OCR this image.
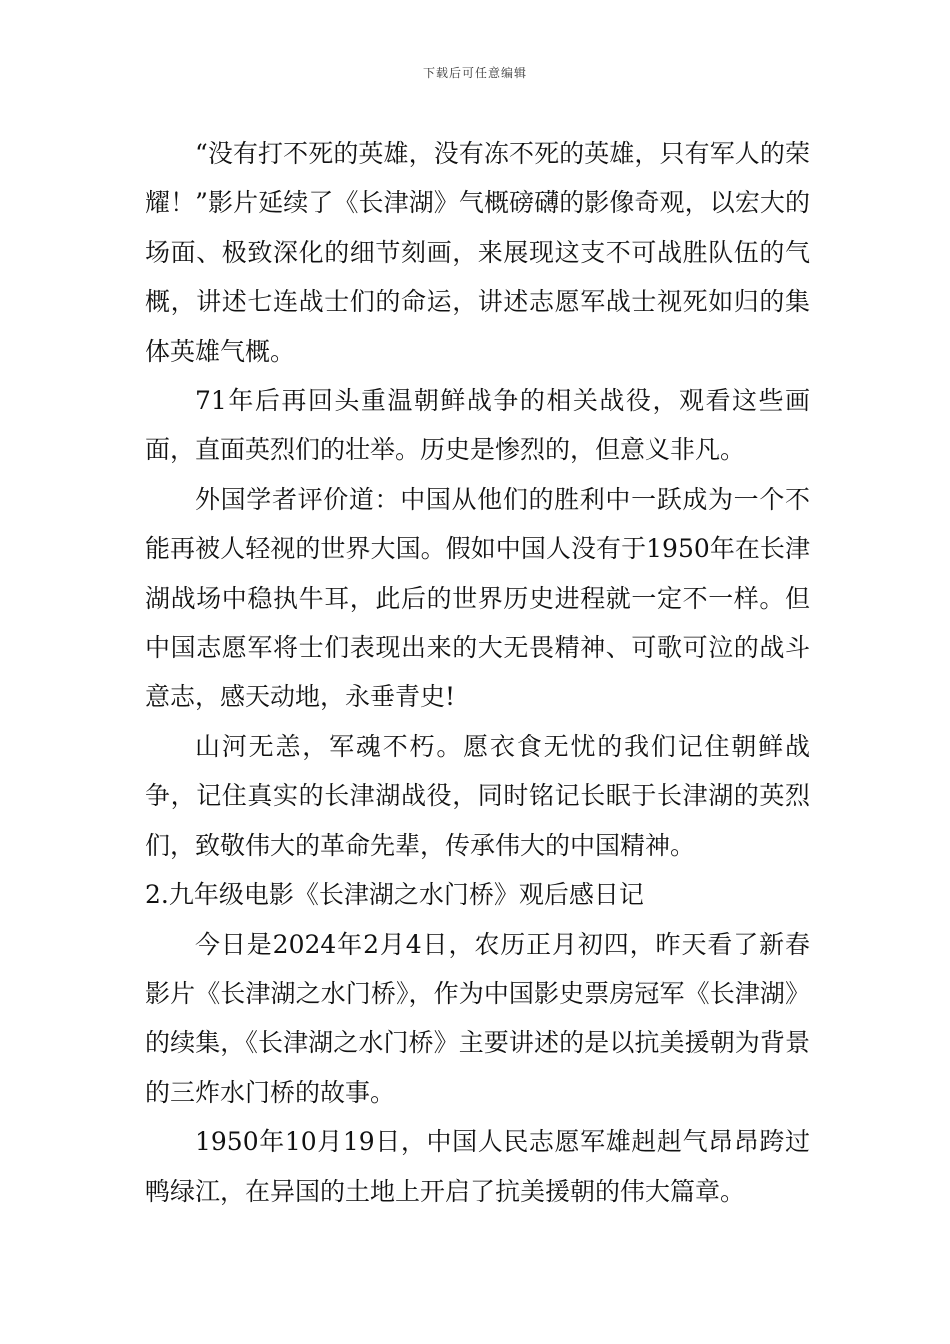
下载后可任意编辑

“没有打不死的英雄，没有冻不死的英雄，只有军人的荣耀！”影片延续了《长津湖》气概磅礴的影像奇观，以宏大的场面、极致深化的细节刻画，来展现这支不可战胜队伍的气概，讲述七连战士们的命运，讲述志愿军战士视死如归的集体英雄气概。

71年后再回头重温朝鲜战争的相关战役，观看这些画面，直面英烈们的壮举。历史是惨烈的，但意义非凡。

外国学者评价道：中国从他们的胜利中一跃成为一个不能再被人轻视的世界大国。假如中国人没有于1950年在长津湖战场中稳执牛耳，此后的世界历史进程就一定不一样。但中国志愿军将士们表现出来的大无畏精神、可歌可泣的战斗意志，感天动地，永垂青史!

山河无恙，军魂不朽。愿衣食无忧的我们记住朝鲜战争，记住真实的长津湖战役，同时铭记长眠于长津湖的英烈们，致敬伟大的革命先辈，传承伟大的中国精神。

2.九年级电影《长津湖之水门桥》观后感日记

今日是2024年2月4日，农历正月初四，昨天看了新春影片《长津湖之水门桥》，作为中国影史票房冠军《长津湖》的续集，《长津湖之水门桥》主要讲述的是以抗美援朝为背景的三炸水门桥的故事。

1950年10月19日，中国人民志愿军雄赳赳气昂昂跨过鸭绿江，在异国的土地上开启了抗美援朝的伟大篇章。
